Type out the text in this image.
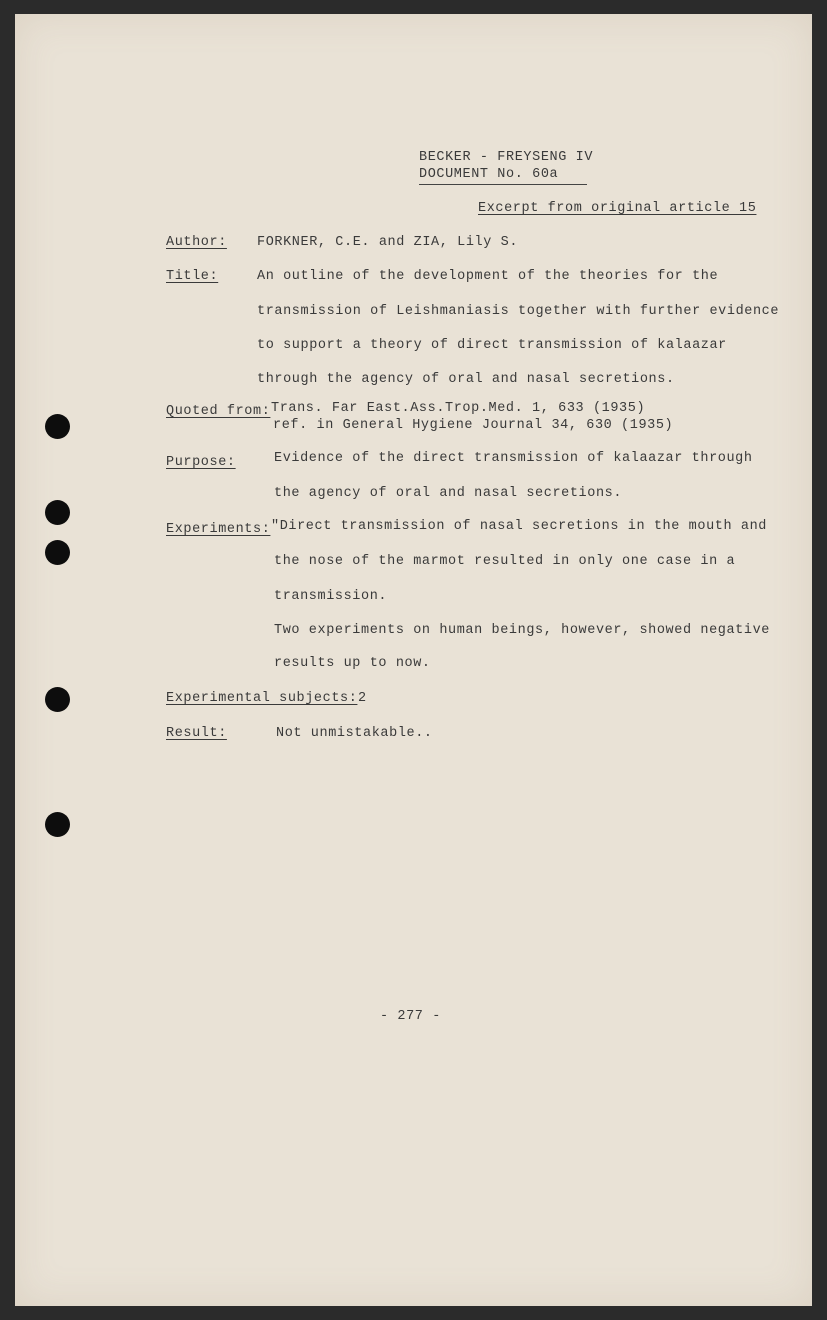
BECKER - FREYSENG IV
DOCUMENT No. 60a
Excerpt from original article 15
Author: FORKNER, C.E. and ZIA, Lily S.
Title:	An outline of the development of the theories for the
transmission of Leishmaniasis together with further evidence
to support a theory of direct transmission of kalaazar
through the agency of oral and nasal secretions.
Quoted from: Trans. Far East.Ass.Trop.Med. 1, 633 (1935)
ref. in General Hygiene Journal 34, 630 (1935)
Purpose:	Evidence of the direct transmission of kalaazar through
the agency of oral and nasal secretions.
Experiments: "Direct transmission of nasal secretions in the mouth and
the nose of the marmot resulted in only one case in a
transmission.
Two experiments on human beings, however, showed negative
results up to now.
Experimental subjects: 2
Result:	Not unmistakable..
- 277 -
